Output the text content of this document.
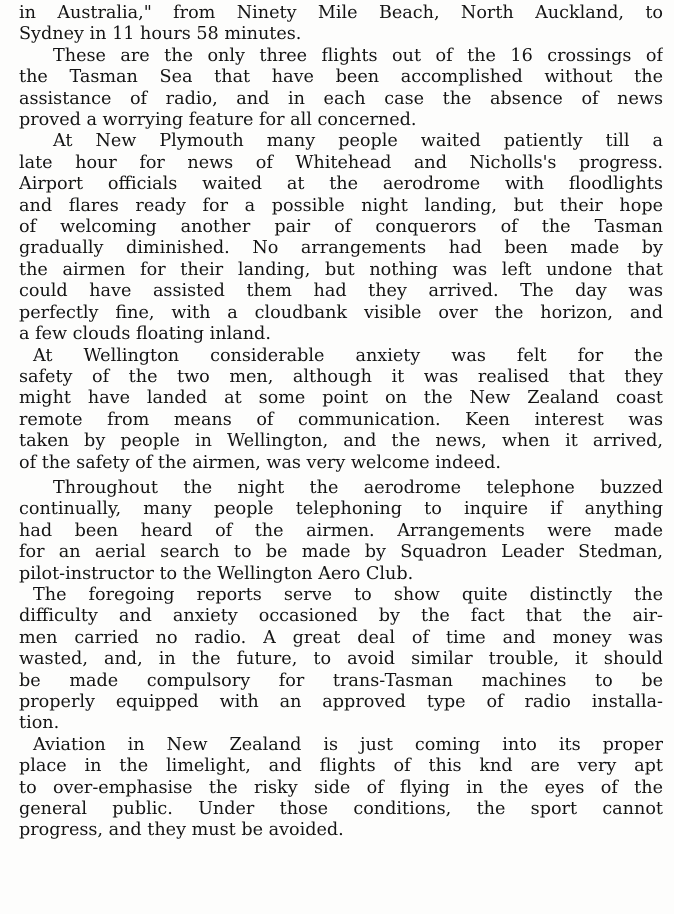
in Australia," from Ninety Mile Beach, North Auckland, to
Sydney in 11 hours 58 minutes.
These are the only three flights out of the 16 crossings of
the Tasman Sea that have been accomplished without the
assistance of radio, and in each case the absence of news
proved a worrying feature for all concerned.
At New Plymouth many people waited patiently till a
late hour for news of Whitehead and Nicholls's progress.
Airport officials waited at the aerodrome with floodlights
and flares ready for a possible night landing, but their hope
of welcoming another pair of conquerors of the Tasman
gradually diminished. No arrangements had been made by
the airmen for their landing, but nothing was left undone that
could have assisted them had they arrived. The day was
perfectly fine, with a cloudbank visible over the horizon, and
a few clouds floating inland.
At Wellington considerable anxiety was felt for the
safety of the two men, although it was realised that they
might have landed at some point on the New Zealand coast
remote from means of communication. Keen interest was
taken by people in Wellington, and the news, when it arrived,
of the safety of the airmen, was very welcome indeed.
Throughout the night the aerodrome telephone buzzed
continually, many people telephoning to inquire if anything
had been heard of the airmen. Arrangements were made
for an aerial search to be made by Squadron Leader Stedman,
pilot-instructor to the Wellington Aero Club.
The foregoing reports serve to show quite distinctly the
difficulty and anxiety occasioned by the fact that the air-
men carried no radio. A great deal of time and money was
wasted, and, in the future, to avoid similar trouble, it should
be made compulsory for trans-Tasman machines to be
properly equipped with an approved type of radio installa-
tion.
Aviation in New Zealand is just coming into its proper
place in the limelight, and flights of this knd are very apt
to over-emphasise the risky side of flying in the eyes of the
general public. Under those conditions, the sport cannot
progress, and they must be avoided.
